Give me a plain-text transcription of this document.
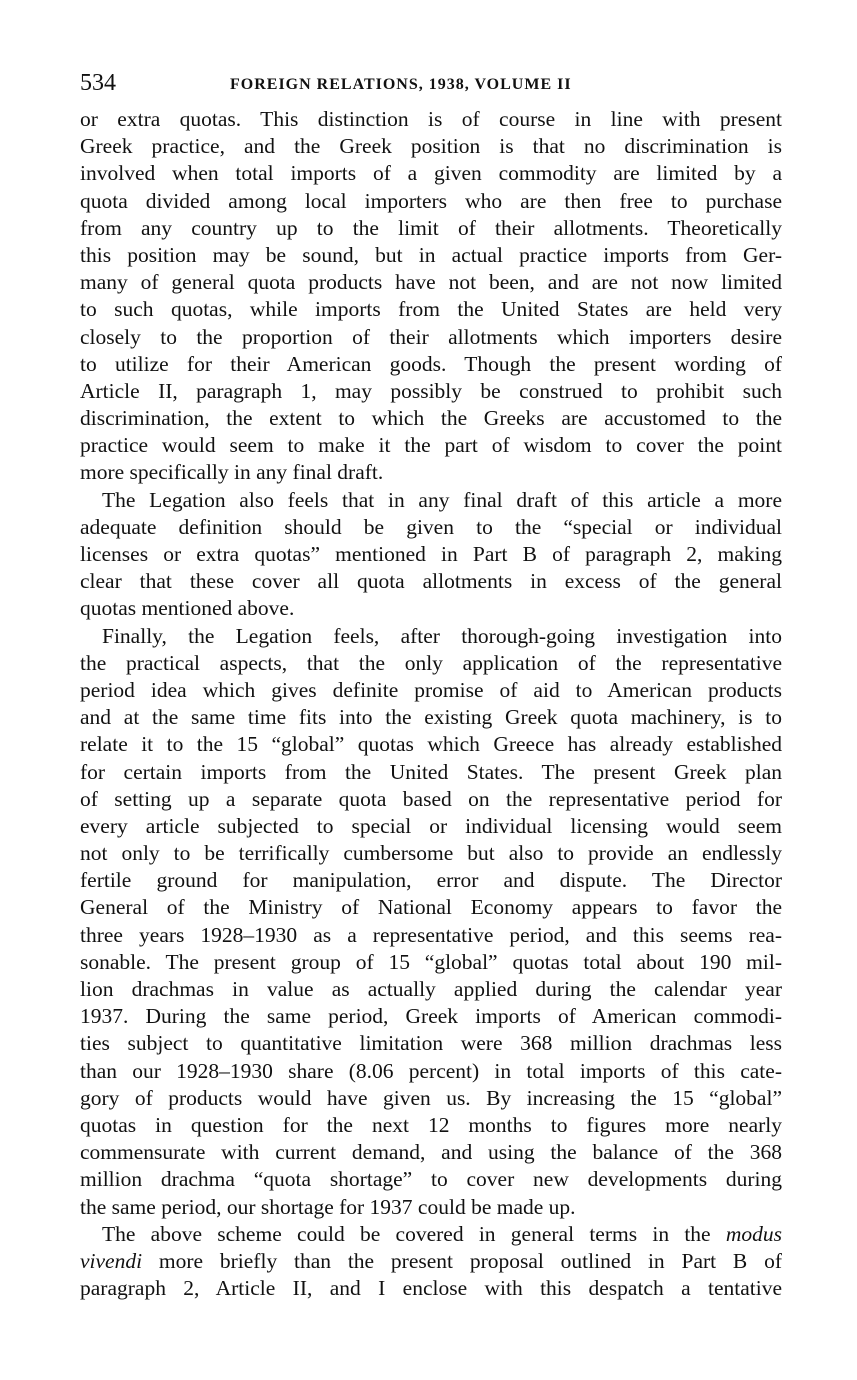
534	FOREIGN RELATIONS, 1938, VOLUME II
or extra quotas. This distinction is of course in line with present
Greek practice, and the Greek position is that no discrimination is
involved when total imports of a given commodity are limited by a
quota divided among local importers who are then free to purchase
from any country up to the limit of their allotments. Theoretically
this position may be sound, but in actual practice imports from Ger-
many of general quota products have not been, and are not now limited
to such quotas, while imports from the United States are held very
closely to the proportion of their allotments which importers desire
to utilize for their American goods. Though the present wording of
Article II, paragraph 1, may possibly be construed to prohibit such
discrimination, the extent to which the Greeks are accustomed to the
practice would seem to make it the part of wisdom to cover the point
more specifically in any final draft.
The Legation also feels that in any final draft of this article a more
adequate definition should be given to the “special or individual
licenses or extra quotas” mentioned in Part B of paragraph 2, making
clear that these cover all quota allotments in excess of the general
quotas mentioned above.
Finally, the Legation feels, after thorough-going investigation into
the practical aspects, that the only application of the representative
period idea which gives definite promise of aid to American products
and at the same time fits into the existing Greek quota machinery, is to
relate it to the 15 “global” quotas which Greece has already established
for certain imports from the United States. The present Greek plan
of setting up a separate quota based on the representative period for
every article subjected to special or individual licensing would seem
not only to be terrifically cumbersome but also to provide an endlessly
fertile ground for manipulation, error and dispute. The Director
General of the Ministry of National Economy appears to favor the
three years 1928–1930 as a representative period, and this seems rea-
sonable. The present group of 15 “global” quotas total about 190 mil-
lion drachmas in value as actually applied during the calendar year
1937. During the same period, Greek imports of American commodi-
ties subject to quantitative limitation were 368 million drachmas less
than our 1928–1930 share (8.06 percent) in total imports of this cate-
gory of products would have given us. By increasing the 15 “global”
quotas in question for the next 12 months to figures more nearly
commensurate with current demand, and using the balance of the 368
million drachma “quota shortage” to cover new developments during
the same period, our shortage for 1937 could be made up.
The above scheme could be covered in general terms in the modus
vivendi more briefly than the present proposal outlined in Part B of
paragraph 2, Article II, and I enclose with this despatch a tentative
